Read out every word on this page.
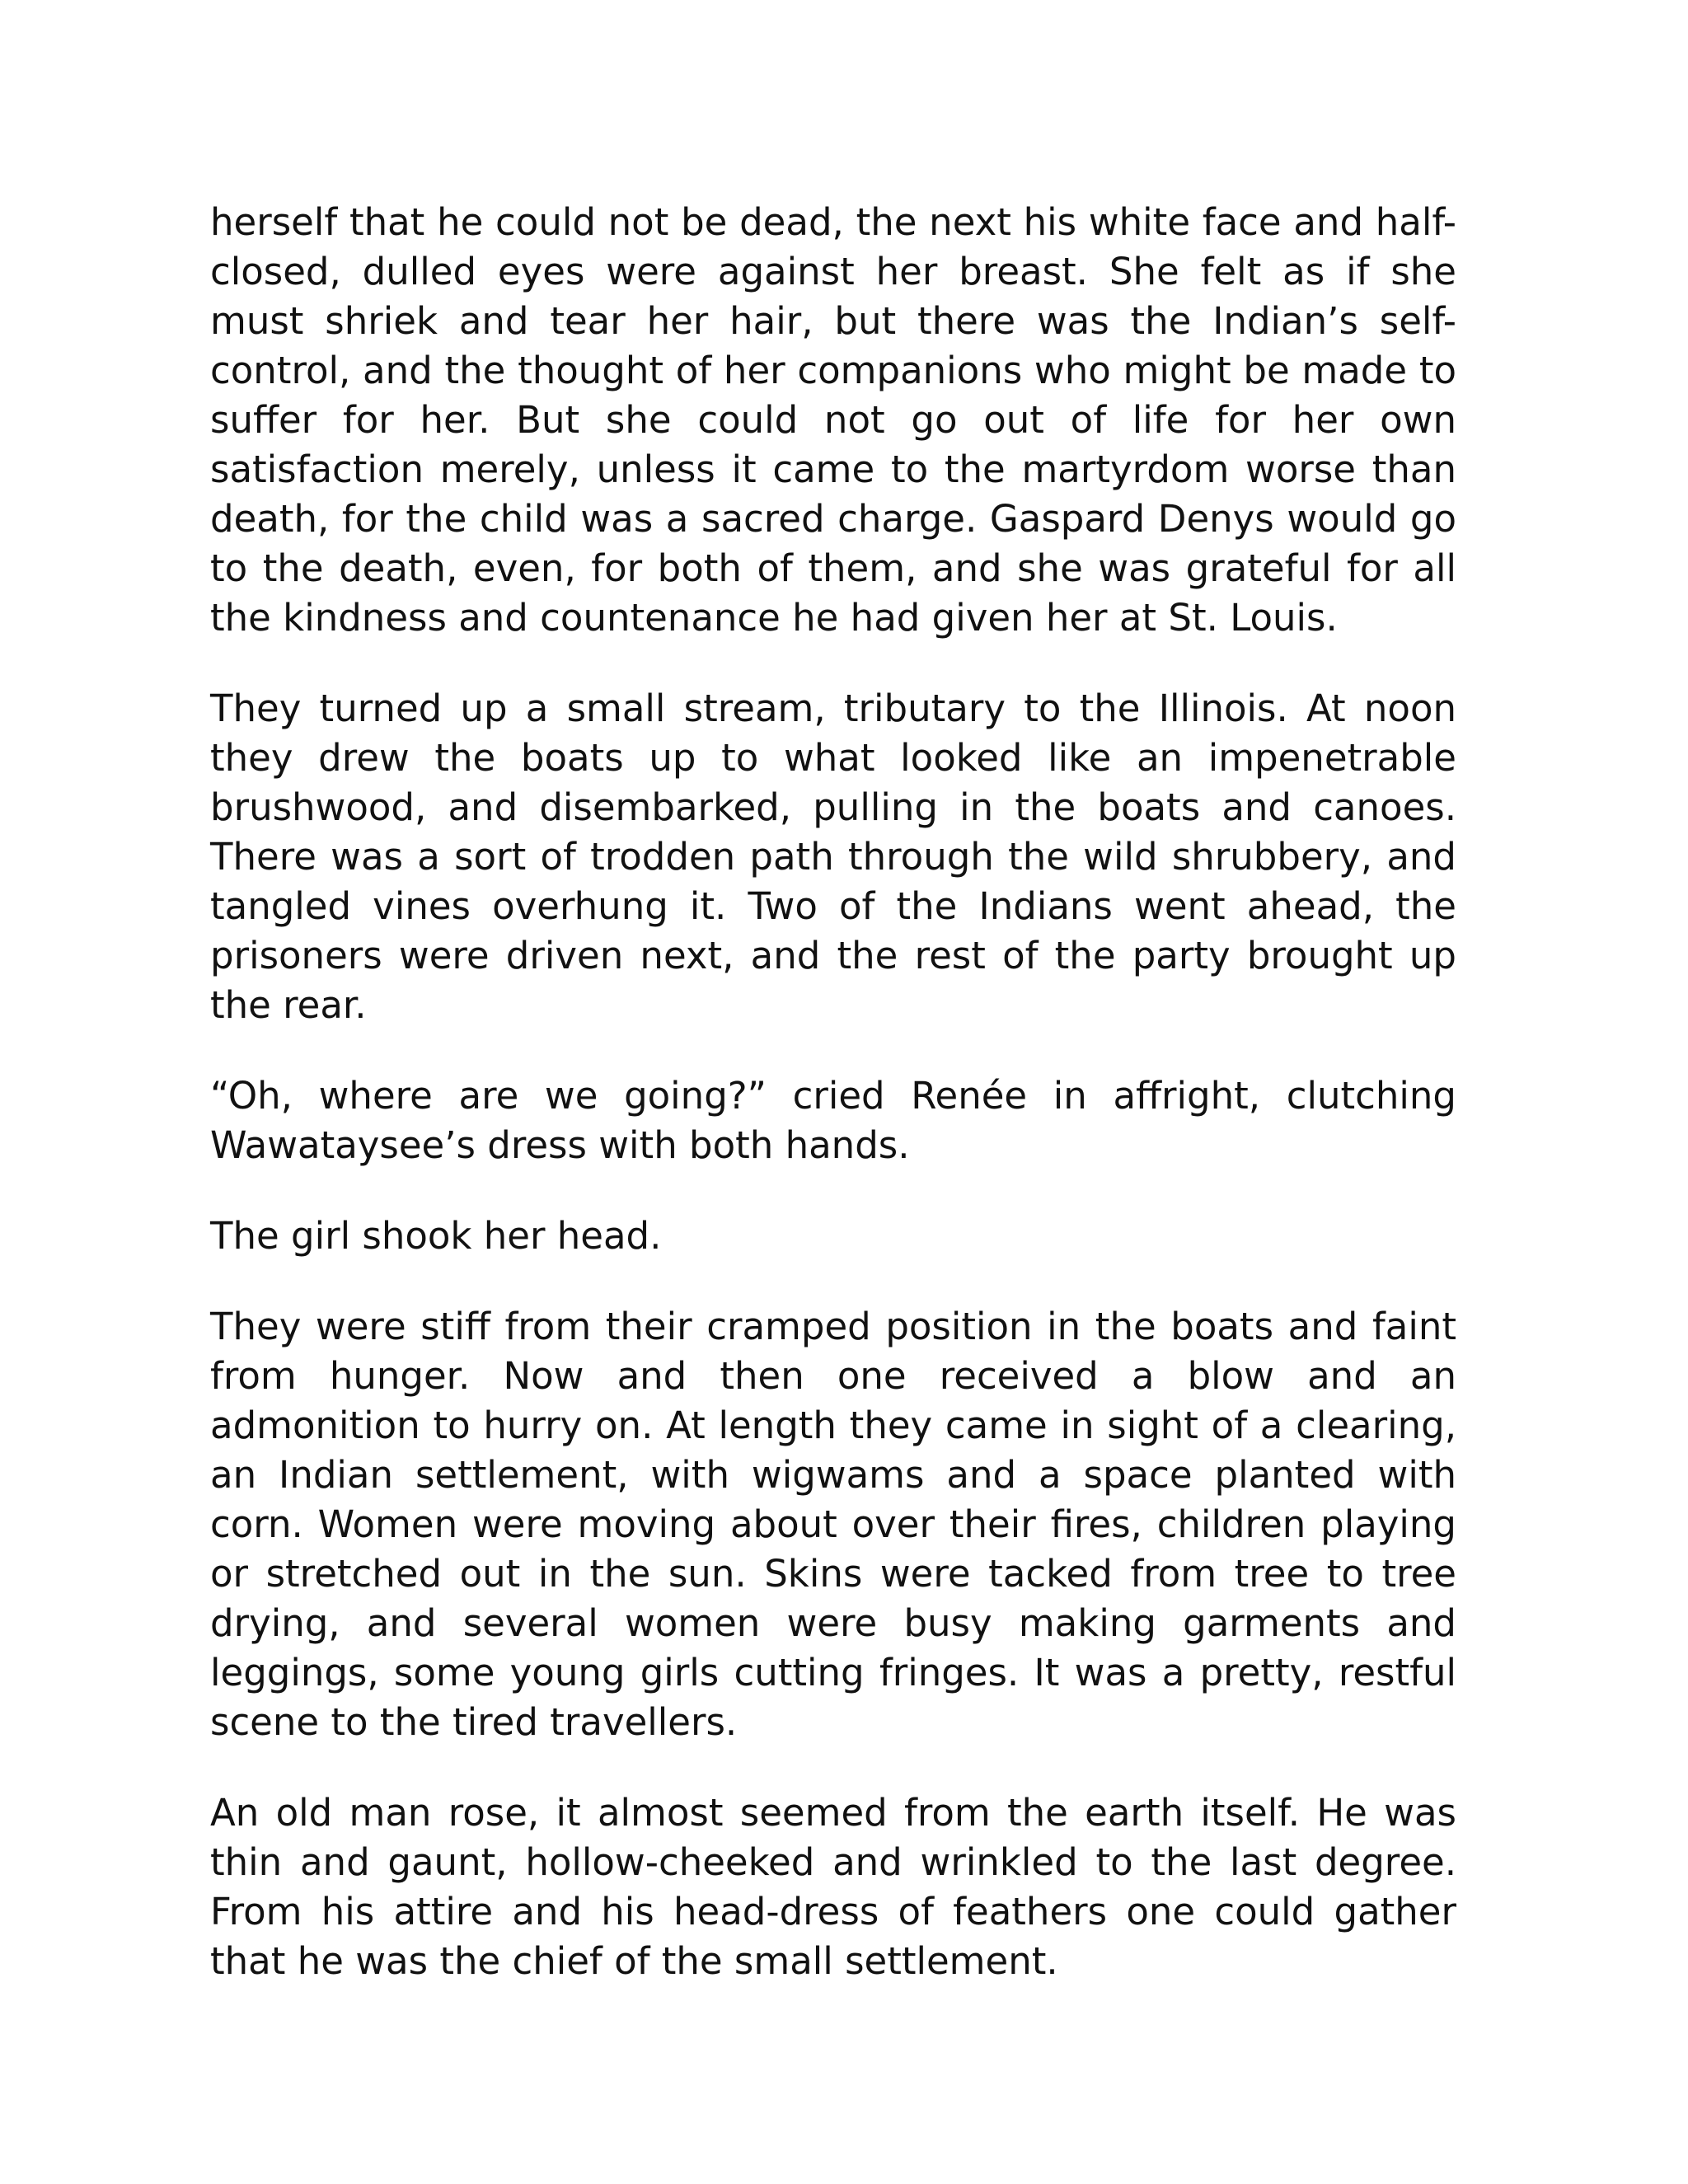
herself that he could not be dead, the next his white face and half-closed, dulled eyes were against her breast. She felt as if she must shriek and tear her hair, but there was the Indian’s self-control, and the thought of her companions who might be made to suffer for her. But she could not go out of life for her own satisfaction merely, unless it came to the martyrdom worse than death, for the child was a sacred charge. Gaspard Denys would go to the death, even, for both of them, and she was grateful for all the kindness and countenance he had given her at St. Louis.

They turned up a small stream, tributary to the Illinois. At noon they drew the boats up to what looked like an impenetrable brushwood, and disembarked, pulling in the boats and canoes. There was a sort of trodden path through the wild shrubbery, and tangled vines overhung it. Two of the Indians went ahead, the prisoners were driven next, and the rest of the party brought up the rear.

“Oh, where are we going?” cried Renée in affright, clutching Wawataysee’s dress with both hands.

The girl shook her head.

They were stiff from their cramped position in the boats and faint from hunger. Now and then one received a blow and an admonition to hurry on. At length they came in sight of a clearing, an Indian settlement, with wigwams and a space planted with corn. Women were moving about over their fires, children playing or stretched out in the sun. Skins were tacked from tree to tree drying, and several women were busy making garments and leggings, some young girls cutting fringes. It was a pretty, restful scene to the tired travellers.

An old man rose, it almost seemed from the earth itself. He was thin and gaunt, hollow-cheeked and wrinkled to the last degree. From his attire and his head-dress of feathers one could gather that he was the chief of the small settlement.
